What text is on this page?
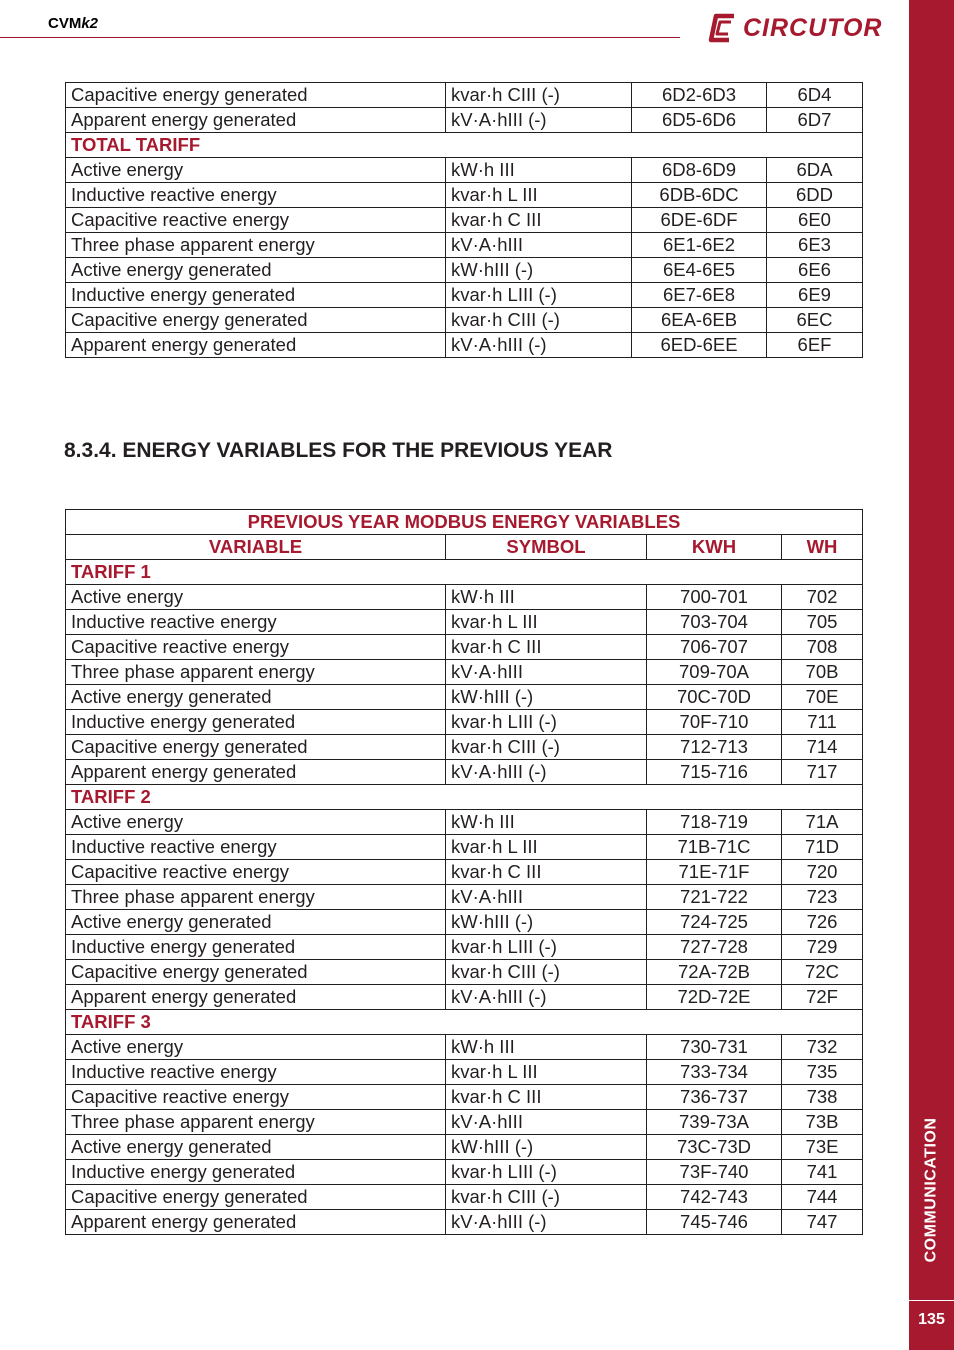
CVMk2	CIRCUTOR
COMMUNICATION
135
Capacitive energy generated	kvar·h CIII (-)	6D2-6D3	6D4
Apparent energy generated	kV·A·hIII (-)	6D5-6D6	6D7
TOTAL TARIFF			
Active energy	kW·h III	6D8-6D9	6DA
Inductive reactive energy	kvar·h L III	6DB-6DC	6DD
Capacitive reactive energy	kvar·h C III	6DE-6DF	6E0
Three phase apparent energy	kV·A·hIII	6E1-6E2	6E3
Active energy generated	kW·hIII (-)	6E4-6E5	6E6
Inductive energy generated	kvar·h LIII (-)	6E7-6E8	6E9
Capacitive energy generated	kvar·h CIII (-)	6EA-6EB	6EC
Apparent energy generated	kV·A·hIII (-)	6ED-6EE	6EF
8.3.4. ENERGY VARIABLES FOR THE PREVIOUS YEAR
PREVIOUS YEAR MODBUS ENERGY VARIABLES			
VARIABLE	SYMBOL	KWH	WH
TARIFF 1			
Active energy	kW·h III	700-701	702
Inductive reactive energy	kvar·h L III	703-704	705
Capacitive reactive energy	kvar·h C III	706-707	708
Three phase apparent energy	kV·A·hIII	709-70A	70B
Active energy generated	kW·hIII (-)	70C-70D	70E
Inductive energy generated	kvar·h LIII (-)	70F-710	711
Capacitive energy generated	kvar·h CIII (-)	712-713	714
Apparent energy generated	kV·A·hIII (-)	715-716	717
TARIFF 2			
Active energy	kW·h III	718-719	71A
Inductive reactive energy	kvar·h L III	71B-71C	71D
Capacitive reactive energy	kvar·h C III	71E-71F	720
Three phase apparent energy	kV·A·hIII	721-722	723
Active energy generated	kW·hIII (-)	724-725	726
Inductive energy generated	kvar·h LIII (-)	727-728	729
Capacitive energy generated	kvar·h CIII (-)	72A-72B	72C
Apparent energy generated	kV·A·hIII (-)	72D-72E	72F
TARIFF 3			
Active energy	kW·h III	730-731	732
Inductive reactive energy	kvar·h L III	733-734	735
Capacitive reactive energy	kvar·h C III	736-737	738
Three phase apparent energy	kV·A·hIII	739-73A	73B
Active energy generated	kW·hIII (-)	73C-73D	73E
Inductive energy generated	kvar·h LIII (-)	73F-740	741
Capacitive energy generated	kvar·h CIII (-)	742-743	744
Apparent energy generated	kV·A·hIII (-)	745-746	747
